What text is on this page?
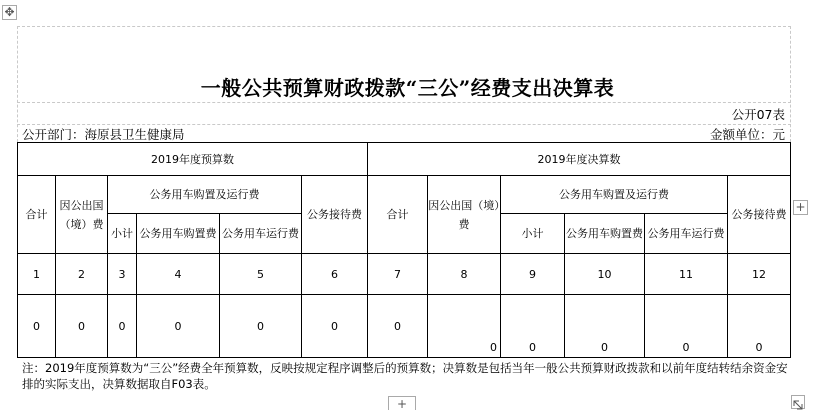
✥
一般公共预算财政拨款“三公”经费支出决算表
公开07表
公开部门：海原县卫生健康局	金额单位：元
2019年度预算数						2019年度决算数					
合计	因公出国（境）费	公务用车购置及运行费			公务接待费	合计	因公出国（境）费	公务用车购置及运行费			公务接待费
		小计	公务用车购置费	公务用车运行费				小计	公务用车购置费	公务用车运行费	
1	2	3	4	5	6	7	8	9	10	11	12
0	0	0	0	0	0	0	0	0	0	0	0
注：2019年度预算数为“三公”经费全年预算数，反映按规定程序调整后的预算数；决算数是包括当年一般公共预算财政拨款和以前年度结转结余资金安排的实际支出，决算数据取自F03表。
+
+
